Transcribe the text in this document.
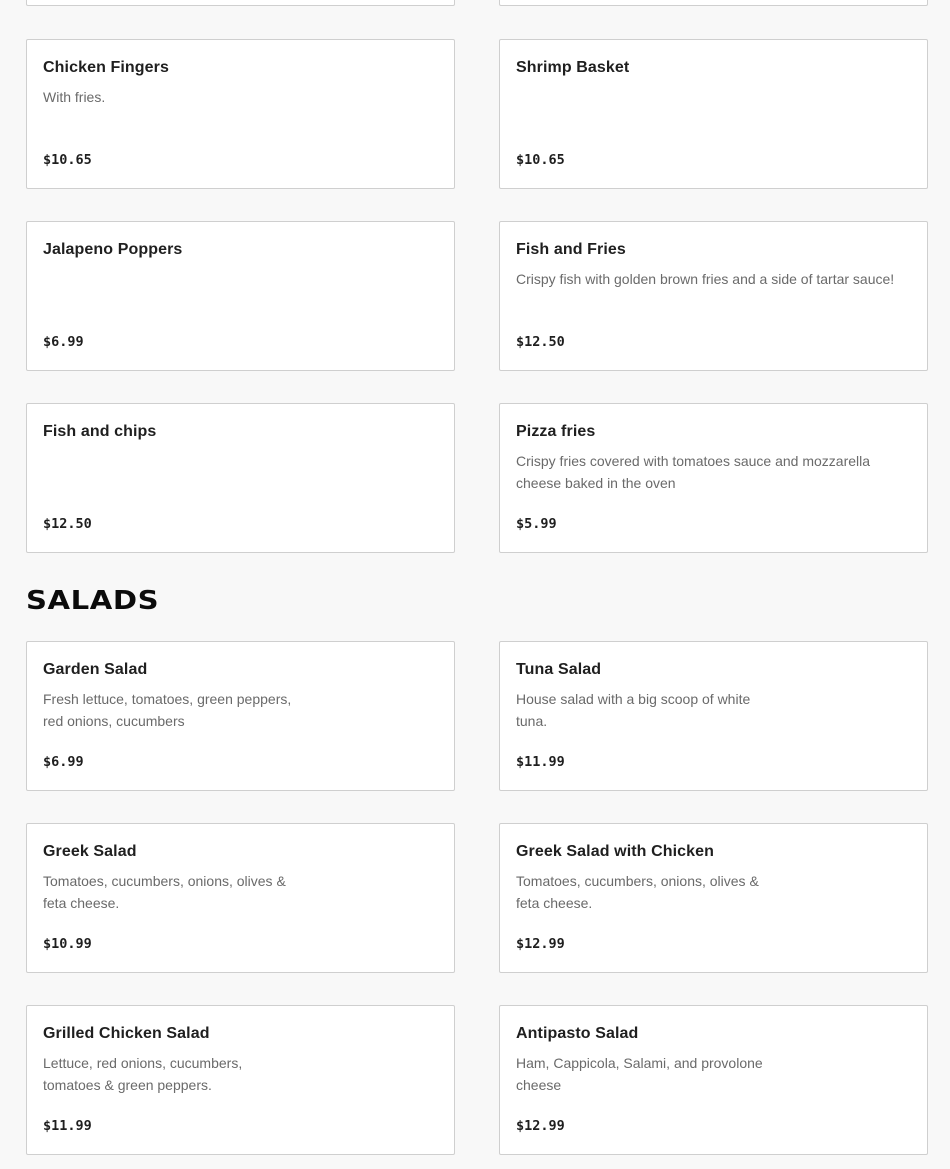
Chicken Fingers
With fries.
$10.65
Shrimp Basket
$10.65
Jalapeno Poppers
$6.99
Fish and Fries
Crispy fish with golden brown fries and a side of tartar sauce!
$12.50
Fish and chips
$12.50
Pizza fries
Crispy fries covered with tomatoes sauce and mozzarella cheese baked in the oven
$5.99
SALADS
Garden Salad
Fresh lettuce, tomatoes, green peppers, red onions, cucumbers
$6.99
Tuna Salad
House salad with a big scoop of white tuna.
$11.99
Greek Salad
Tomatoes, cucumbers, onions, olives & feta cheese.
$10.99
Greek Salad with Chicken
Tomatoes, cucumbers, onions, olives & feta cheese.
$12.99
Grilled Chicken Salad
Lettuce, red onions, cucumbers, tomatoes & green peppers.
$11.99
Antipasto Salad
Ham, Cappicola, Salami, and provolone cheese
$12.99
